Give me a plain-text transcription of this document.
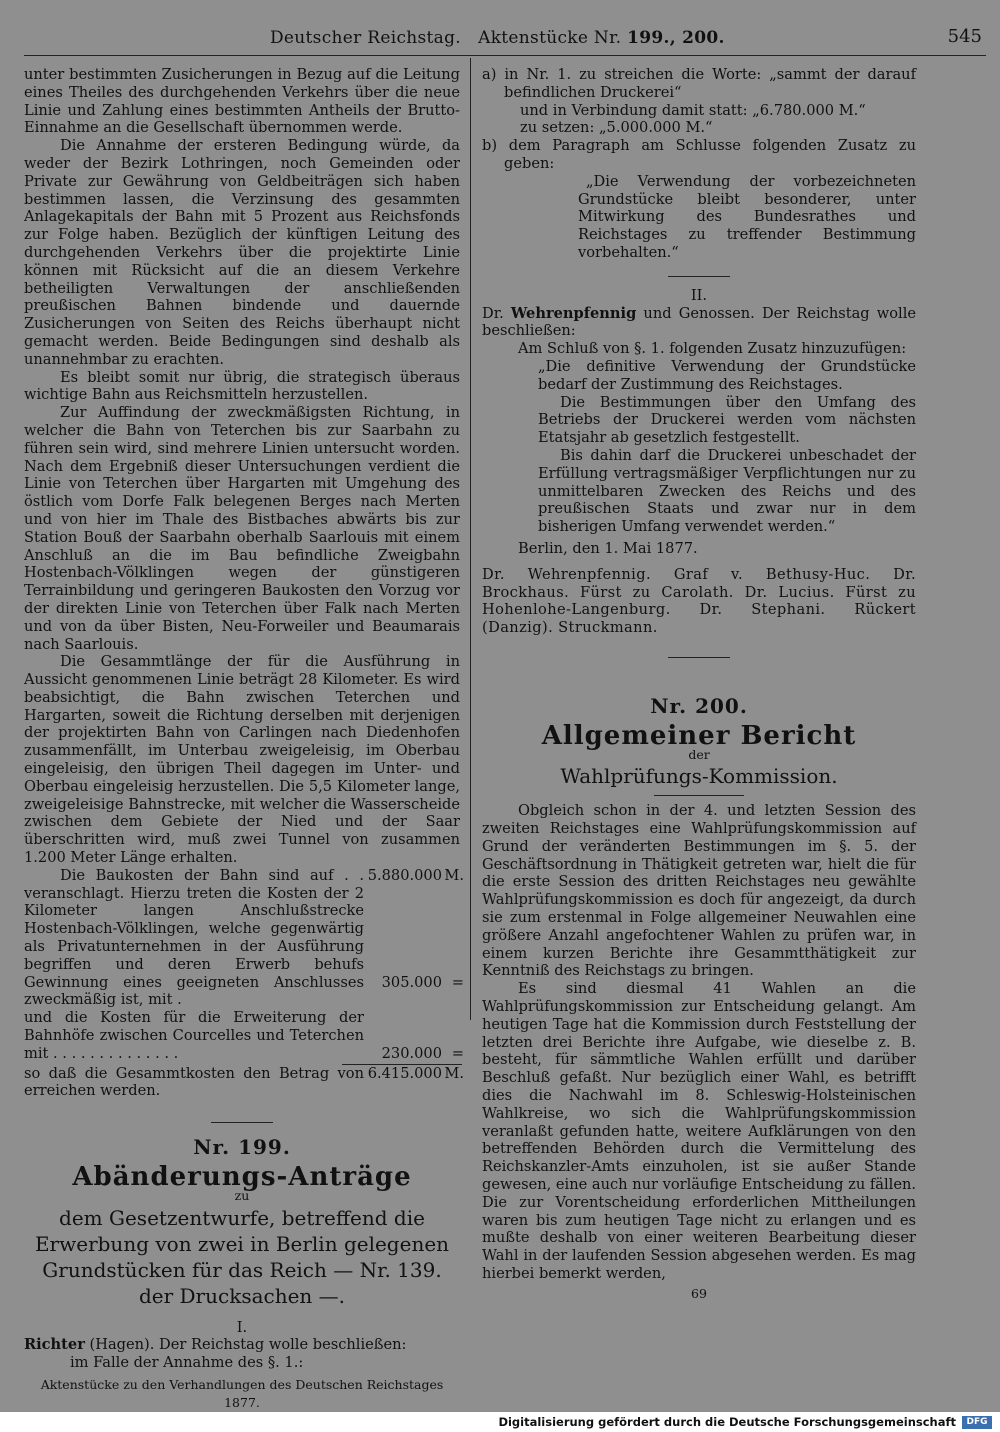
Deutscher Reichstag. Aktenstücke Nr. 199., 200.	545

unter bestimmten Zusicherungen in Bezug auf die Leitung eines Theiles des durchgehenden Verkehrs über die neue Linie und Zahlung eines bestimmten Antheils der Brutto-Einnahme an die Gesellschaft übernommen werde.

Die Annahme der ersteren Bedingung würde, da weder der Bezirk Lothringen, noch Gemeinden oder Private zur Gewährung von Geldbeiträgen sich haben bestimmen lassen, die Verzinsung des gesammten Anlagekapitals der Bahn mit 5 Prozent aus Reichsfonds zur Folge haben. Bezüglich der künftigen Leitung des durchgehenden Verkehrs über die projektirte Linie können mit Rücksicht auf die an diesem Verkehre betheiligten Verwaltungen der anschließenden preußischen Bahnen bindende und dauernde Zusicherungen von Seiten des Reichs überhaupt nicht gemacht werden. Beide Bedingungen sind deshalb als unannehmbar zu erachten.

Es bleibt somit nur übrig, die strategisch überaus wichtige Bahn aus Reichsmitteln herzustellen.

Zur Auffindung der zweckmäßigsten Richtung, in welcher die Bahn von Teterchen bis zur Saarbahn zu führen sein wird, sind mehrere Linien untersucht worden. Nach dem Ergebniß dieser Untersuchungen verdient die Linie von Teterchen über Hargarten mit Umgehung des östlich vom Dorfe Falk belegenen Berges nach Merten und von hier im Thale des Bistbaches abwärts bis zur Station Bouß der Saarbahn oberhalb Saarlouis mit einem Anschluß an die im Bau befindliche Zweigbahn Hostenbach-Völklingen wegen der günstigeren Terrainbildung und geringeren Baukosten den Vorzug vor der direkten Linie von Teterchen über Falk nach Merten und von da über Bisten, Neu-Forweiler und Beaumarais nach Saarlouis.

Die Gesammtlänge der für die Ausführung in Aussicht genommenen Linie beträgt 28 Kilometer. Es wird beabsichtigt, die Bahn zwischen Teterchen und Hargarten, soweit die Richtung derselben mit derjenigen der projektirten Bahn von Carlingen nach Diedenhofen zusammenfällt, im Unterbau zweigeleisig, im Oberbau eingeleisig, den übrigen Theil dagegen im Unter- und Oberbau eingeleisig herzustellen. Die 5,5 Kilometer lange, zweigeleisige Bahnstrecke, mit welcher die Wasserscheide zwischen dem Gebiete der Nied und der Saar überschritten wird, muß zwei Tunnel von zusammen 1.200 Meter Länge erhalten.

5.880.000 M.
305.000 =

Die Baukosten der Bahn sind auf . . veranschlagt. Hierzu treten die Kosten der 2 Kilometer langen Anschlußstrecke Hostenbach-Völklingen, welche gegenwärtig als Privatunternehmen in der Ausführung begriffen und deren Erwerb behufs Gewinnung eines geeigneten Anschlusses zweckmäßig ist, mit .

230.000 =

und die Kosten für die Erweiterung der Bahnhöfe zwischen Courcelles und Teterchen mit . . . . . . . . . . . . . .

6.415.000 M.

so daß die Gesammtkosten den Betrag von erreichen werden.

Nr. 199.
Abänderungs-Anträge
zu
dem Gesetzentwurfe, betreffend die Erwerbung von zwei in Berlin gelegenen Grundstücken für das Reich — Nr. 139. der Drucksachen —.
I.

Richter (Hagen). Der Reichstag wolle beschließen:

im Falle der Annahme des §. 1.:

Aktenstücke zu den Verhandlungen des Deutschen Reichstages 1877.

a) in Nr. 1. zu streichen die Worte: „sammt der darauf befindlichen Druckerei“

und in Verbindung damit statt: „6.780.000 M.“

zu setzen: „5.000.000 M.“

b) dem Paragraph am Schlusse folgenden Zusatz zu geben:

„Die Verwendung der vorbezeichneten Grundstücke bleibt besonderer, unter Mitwirkung des Bundesrathes und Reichstages zu treffender Bestimmung vorbehalten.“

II.

Dr. Wehrenpfennig und Genossen. Der Reichstag wolle beschließen:

Am Schluß von §. 1. folgenden Zusatz hinzuzufügen:

„Die definitive Verwendung der Grundstücke bedarf der Zustimmung des Reichstages.

Die Bestimmungen über den Umfang des Betriebs der Druckerei werden vom nächsten Etatsjahr ab gesetzlich festgestellt.

Bis dahin darf die Druckerei unbeschadet der Erfüllung vertragsmäßiger Verpflichtungen nur zu unmittelbaren Zwecken des Reichs und des preußischen Staats und zwar nur in dem bisherigen Umfang verwendet werden.“

Berlin, den 1. Mai 1877.

Dr. Wehrenpfennig. Graf v. Bethusy-Huc. Dr. Brockhaus. Fürst zu Carolath. Dr. Lucius. Fürst zu Hohenlohe-Langenburg. Dr. Stephani. Rückert (Danzig). Struckmann.

Nr. 200.
Allgemeiner Bericht
der
Wahlprüfungs-Kommission.

Obgleich schon in der 4. und letzten Session des zweiten Reichstages eine Wahlprüfungskommission auf Grund der veränderten Bestimmungen im §. 5. der Geschäftsordnung in Thätigkeit getreten war, hielt die für die erste Session des dritten Reichstages neu gewählte Wahlprüfungskommission es doch für angezeigt, da durch sie zum erstenmal in Folge allgemeiner Neuwahlen eine größere Anzahl angefochtener Wahlen zu prüfen war, in einem kurzen Berichte ihre Gesammtthätigkeit zur Kenntniß des Reichstags zu bringen.

Es sind diesmal 41 Wahlen an die Wahlprüfungskommission zur Entscheidung gelangt. Am heutigen Tage hat die Kommission durch Feststellung der letzten drei Berichte ihre Aufgabe, wie dieselbe z. B. besteht, für sämmtliche Wahlen erfüllt und darüber Beschluß gefaßt. Nur bezüglich einer Wahl, es betrifft dies die Nachwahl im 8. Schleswig-Holsteinischen Wahlkreise, wo sich die Wahlprüfungskommission veranlaßt gefunden hatte, weitere Aufklärungen von den betreffenden Behörden durch die Vermittelung des Reichskanzler-Amts einzuholen, ist sie außer Stande gewesen, eine auch nur vorläufige Entscheidung zu fällen. Die zur Vorentscheidung erforderlichen Mittheilungen waren bis zum heutigen Tage nicht zu erlangen und es mußte deshalb von einer weiteren Bearbeitung dieser Wahl in der laufenden Session abgesehen werden. Es mag hierbei bemerkt werden,

69
Digitalisierung gefördert durch die Deutsche Forschungsgemeinschaft	DFG
